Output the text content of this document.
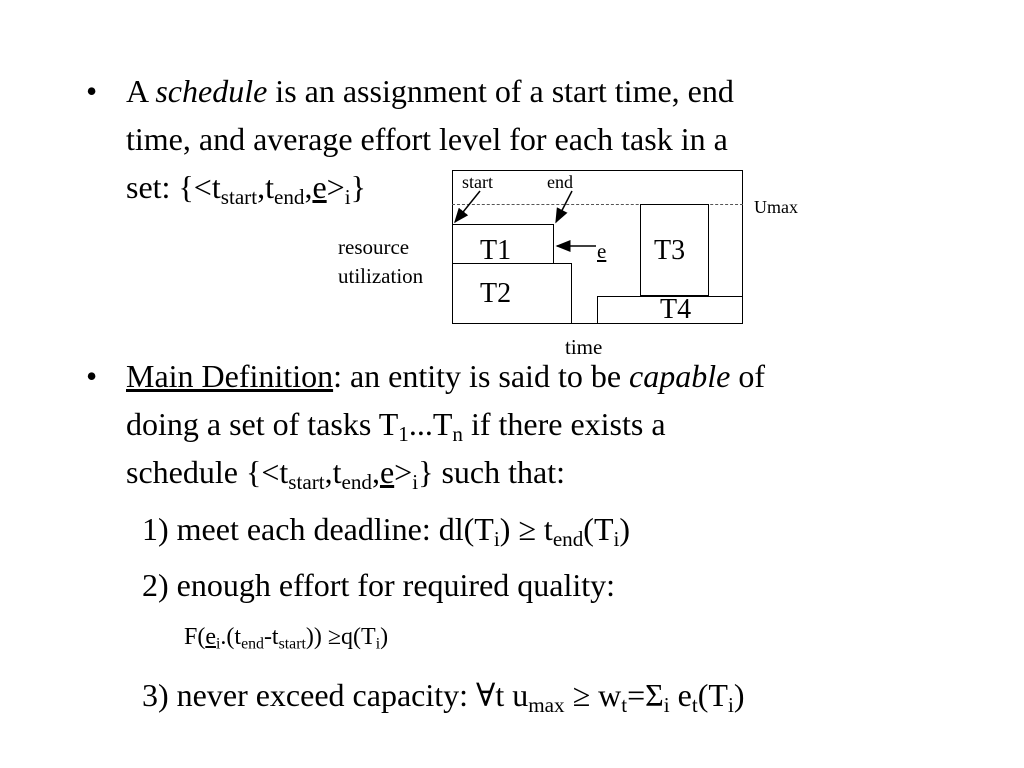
• A schedule is an assignment of a start time, end
time, and average effort level for each task in a
set: $\{<t_{start},t_{end},e>_i\}$
T1
T2
T3
T4
start	end
Umax
resource
utilization
time
e
• Main Definition: an entity is said to be capable of
doing a set of tasks $T_1...T_n$ if there exists a
schedule $\{<t_{start},t_{end},e>_i\}$ such that:
1) meet each deadline: $dl(T_i) \ge t_{end}(T_i)$
2) enough effort for required quality:
$F(e_i.(t_{end}-t_{start})) \ge q(T_i)$
3) never exceed capacity: ∀t $u_{max} \ge w_t=\Sigma_i$ $e_t(T_i)$
